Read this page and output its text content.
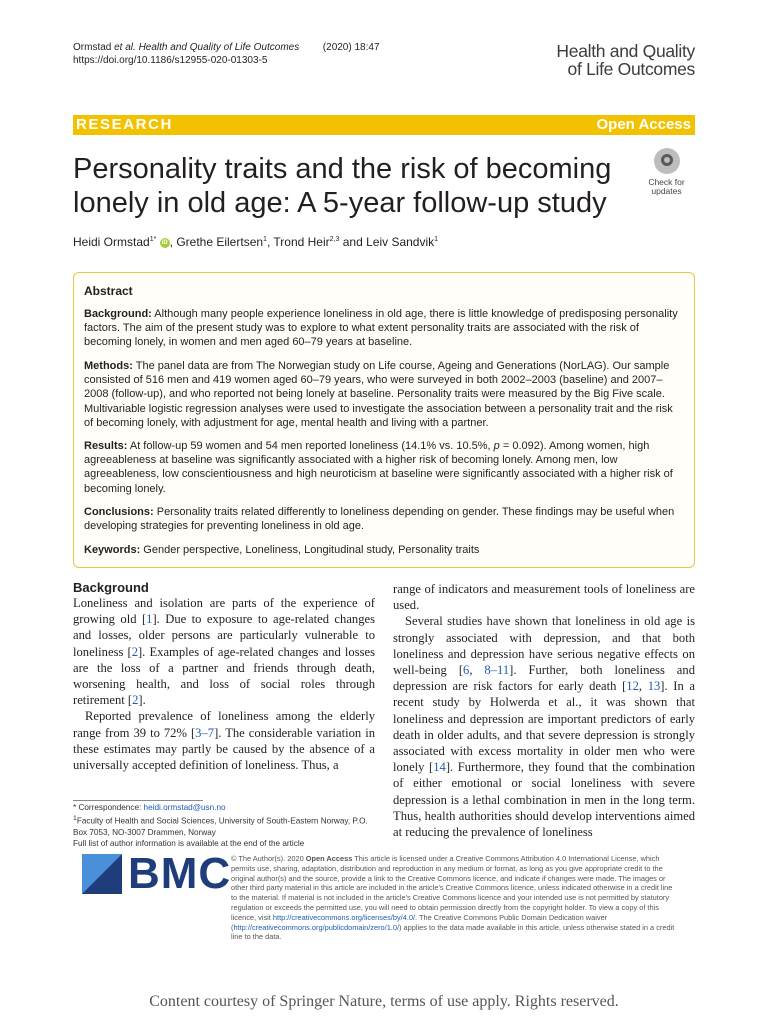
Ormstad et al. Health and Quality of Life Outcomes (2020) 18:47
https://doi.org/10.1186/s12955-020-01303-5	Health and Quality
of Life Outcomes
RESEARCH	Open Access
Personality traits and the risk of becoming lonely in old age: A 5-year follow-up study
Check for updates
Heidi Ormstad$^{1*}$ iD , Grethe Eilertsen$^1$, Trond Heir$^{2,3}$ and Leiv Sandvik$^1$
Abstract
Background: Although many people experience loneliness in old age, there is little knowledge of predisposing personality factors. The aim of the present study was to explore to what extent personality traits are associated with the risk of becoming lonely, in women and men aged 60–79 years at baseline.
Methods: The panel data are from The Norwegian study on Life course, Ageing and Generations (NorLAG). Our sample consisted of 516 men and 419 women aged 60–79 years, who were surveyed in both 2002–2003 (baseline) and 2007–2008 (follow-up), and who reported not being lonely at baseline. Personality traits were measured by the Big Five scale. Multivariable logistic regression analyses were used to investigate the association between a personality trait and the risk of becoming lonely, with adjustment for age, mental health and living with a partner.
Results: At follow-up 59 women and 54 men reported loneliness (14.1% vs. 10.5%, p = 0.092). Among women, high agreeableness at baseline was significantly associated with a higher risk of becoming lonely. Among men, low agreeableness, low conscientiousness and high neuroticism at baseline were significantly associated with a higher risk of becoming lonely.
Conclusions: Personality traits related differently to loneliness depending on gender. These findings may be useful when developing strategies for preventing loneliness in old age.
Keywords: Gender perspective, Loneliness, Longitudinal study, Personality traits
Background
Loneliness and isolation are parts of the experience of growing old [1]. Due to exposure to age-related changes and losses, older persons are particularly vulnerable to loneliness [2]. Examples of age-related changes and losses are the loss of a partner and friends through death, worsening health, and loss of social roles through retirement [2].
Reported prevalence of loneliness among the elderly range from 39 to 72% [3–7]. The considerable variation in these estimates may partly be caused by the absence of a universally accepted definition of loneliness. Thus, a
range of indicators and measurement tools of loneliness are used.
Several studies have shown that loneliness in old age is strongly associated with depression, and that both loneliness and depression have serious negative effects on well-being [6, 8–11]. Further, both loneliness and depression are risk factors for early death [12, 13]. In a recent study by Holwerda et al., it was shown that loneliness and depression are important predictors of early death in older adults, and that severe depression is strongly associated with excess mortality in older men who were lonely [14]. Furthermore, they found that the combination of either emotional or social loneliness with severe depression is a lethal combination in men in the long term. Thus, health authorities should develop interventions aimed at reducing the prevalence of loneliness
* Correspondence: heidi.ormstad@usn.no
$^1$Faculty of Health and Social Sciences, University of South-Eastern Norway, P.O. Box 7053, NO-3007 Drammen, Norway
Full list of author information is available at the end of the article
BMC © The Author(s). 2020 Open Access This article is licensed under a Creative Commons Attribution 4.0 International License, which permits use, sharing, adaptation, distribution and reproduction in any medium or format, as long as you give appropriate credit to the original author(s) and the source, provide a link to the Creative Commons licence, and indicate if changes were made. The images or other third party material in this article are included in the article's Creative Commons licence, unless indicated otherwise in a credit line to the material. If material is not included in the article's Creative Commons licence and your intended use is not permitted by statutory regulation or exceeds the permitted use, you will need to obtain permission directly from the copyright holder. To view a copy of this licence, visit http://creativecommons.org/licenses/by/4.0/. The Creative Commons Public Domain Dedication waiver (http://creativecommons.org/publicdomain/zero/1.0/) applies to the data made available in this article, unless otherwise stated in a credit line to the data.
Content courtesy of Springer Nature, terms of use apply. Rights reserved.
